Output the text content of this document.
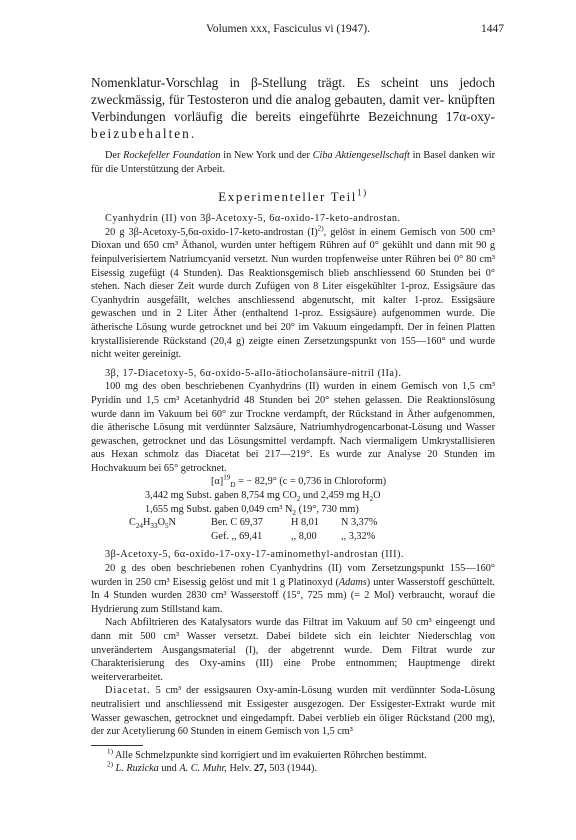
Volumen xxx, Fasciculus vi (1947).	1447

Nomenklatur-Vorschlag in β-Stellung trägt. Es scheint uns jedoch zweckmässig, für Testosteron und die analog gebauten, damit ver- knüpften Verbindungen vorläufig die bereits eingeführte Bezeichnung 17α-oxy- beizubehalten.

Der Rockefeller Foundation in New York und der Ciba Aktiengesellschaft in Basel danken wir für die Unterstützung der Arbeit.

Experimenteller Teil$^{1)}$
Cyanhydrin (II) von 3β-Acetoxy-5, 6α-oxido-17-keto-androstan.

20 g 3β-Acetoxy-5,6α-oxido-17-keto-androstan $(I)^{2)}$, gelöst in einem Gemisch von 500 cm³ Dioxan und 650 cm³ Äthanol, wurden unter heftigem Rühren auf 0° gekühlt und dann mit 90 g feinpulverisiertem Natriumcyanid versetzt. Nun wurden tropfenweise unter Rühren bei 0° 80 cm³ Eisessig zugefügt (4 Stunden). Das Reaktionsgemisch blieb anschliessend 60 Stunden bei 0° stehen. Nach dieser Zeit wurde durch Zufügen von 8 Liter eisgekühlter 1-proz. Essigsäure das Cyanhydrin ausgefällt, welches anschliessend abgenutscht, mit kalter 1-proz. Essigsäure gewaschen und in 2 Liter Äther (enthaltend 1-proz. Essigsäure) aufgenommen wurde. Die ätherische Lösung wurde getrocknet und bei 20° im Vakuum eingedampft. Der in feinen Platten krystallisierende Rückstand (20,4 g) zeigte einen Zersetzungspunkt von 155—160° und wurde nicht weiter gereinigt.

3β, 17-Diacetoxy-5, 6α-oxido-5-allo-ätiocholansäure-nitril (IIa).

100 mg des oben beschriebenen Cyanhydrins (II) wurden in einem Gemisch von 1,5 cm³ Pyridin und 1,5 cm³ Acetanhydrid 48 Stunden bei 20° stehen gelassen. Die Reaktionslösung wurde dann im Vakuum bei 60° zur Trockne verdampft, der Rückstand in Äther aufgenommen, die ätherische Lösung mit verdünnter Salzsäure, Natriumhydrogencarbonat-Lösung und Wasser gewaschen, getrocknet und das Lösungsmittel verdampft. Nach viermaligem Umkrystallisieren aus Hexan schmolz das Diacetat bei 217—219°. Es wurde zur Analyse 20 Stunden im Hochvakuum bei 65° getrocknet.

$[\alpha]^{19}_D$ = − 82,9° (c = 0,736 in Chloroform)
3,442 mg Subst. gaben 8,754 mg $CO_2$ und 2,459 mg $H_2O$
1,655 mg Subst. gaben 0,049 cm³ $N_2$ (19°, 730 mm)
$C_{24}H_{33}O_5N$	Ber. C 69,37	H 8,01 N 3,37%
Gef. ,, 69,41	,, 8,00 ,, 3,32%
3β-Acetoxy-5, 6α-oxido-17-oxy-17-aminomethyl-androstan (III).

20 g des oben beschriebenen rohen Cyanhydrins (II) vom Zersetzungspunkt 155—160° wurden in 250 cm³ Eisessig gelöst und mit 1 g Platinoxyd (Adams) unter Wasserstoff geschüttelt. In 4 Stunden wurden 2830 cm³ Wasserstoff (15°, 725 mm) (= 2 Mol) verbraucht, worauf die Hydrierung zum Stillstand kam.

Nach Abfiltrieren des Katalysators wurde das Filtrat im Vakuum auf 50 cm³ eingeengt und dann mit 500 cm³ Wasser versetzt. Dabei bildete sich ein leichter Niederschlag von unverändertem Ausgangsmaterial (I), der abgetrennt wurde. Dem Filtrat wurde zur Charakterisierung des Oxy-amins (III) eine Probe entnommen; Hauptmenge direkt weiterverarbeitet.

Diacetat. 5 cm³ der essigsauren Oxy-amin-Lösung wurden mit verdünnter Soda-Lösung neutralisiert und anschliessend mit Essigester ausgezogen. Der Essigester-Extrakt wurde mit Wasser gewaschen, getrocknet und eingedampft. Dabei verblieb ein öliger Rückstand (200 mg), der zur Acetylierung 60 Stunden in einem Gemisch von 1,5 cm³

$^{1)}$ Alle Schmelzpunkte sind korrigiert und im evakuierten Röhrchen bestimmt.
$^{2)}$ L. Ruzicka und A. C. Muhr, Helv. 27, 503 (1944).
